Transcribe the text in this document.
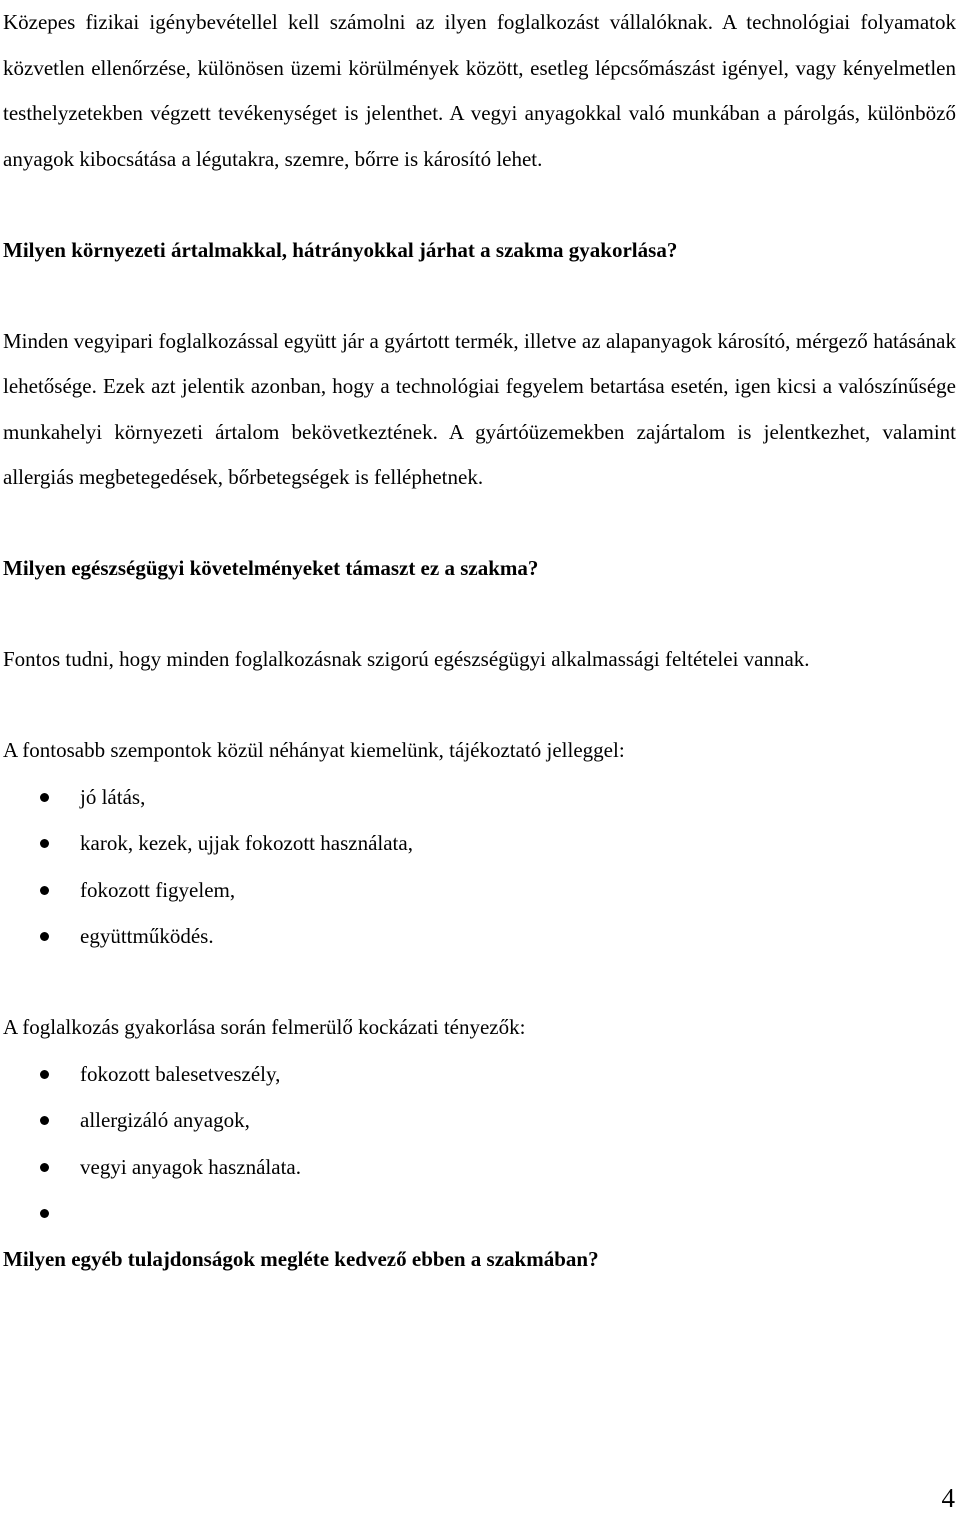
Közepes fizikai igénybevétellel kell számolni az ilyen foglalkozást vállalóknak. A technológiai folyamatok közvetlen ellenőrzése, különösen üzemi körülmények között, esetleg lépcsőmászást igényel, vagy kényelmetlen testhelyzetekben végzett tevékenységet is jelenthet. A vegyi anyagokkal való munkában a párolgás, különböző anyagok kibocsátása a légutakra, szemre, bőrre is károsító lehet.

Milyen környezeti ártalmakkal, hátrányokkal járhat a szakma gyakorlása?

Minden vegyipari foglalkozással együtt jár a gyártott termék, illetve az alapanyagok károsító, mérgező hatásának lehetősége. Ezek azt jelentik azonban, hogy a technológiai fegyelem betartása esetén, igen kicsi a valószínűsége munkahelyi környezeti ártalom bekövetkeztének. A gyártóüzemekben zajártalom is jelentkezhet, valamint allergiás megbetegedések, bőrbetegségek is felléphetnek.

Milyen egészségügyi követelményeket támaszt ez a szakma?

Fontos tudni, hogy minden foglalkozásnak szigorú egészségügyi alkalmassági feltételei vannak.

A fontosabb szempontok közül néhányat kiemelünk, tájékoztató jelleggel:

jó látás,
karok, kezek, ujjak fokozott használata,
fokozott figyelem,
együttműködés.

A foglalkozás gyakorlása során felmerülő kockázati tényezők:

fokozott balesetveszély,
allergizáló anyagok,
vegyi anyagok használata.

Milyen egyéb tulajdonságok megléte kedvező ebben a szakmában?

4
